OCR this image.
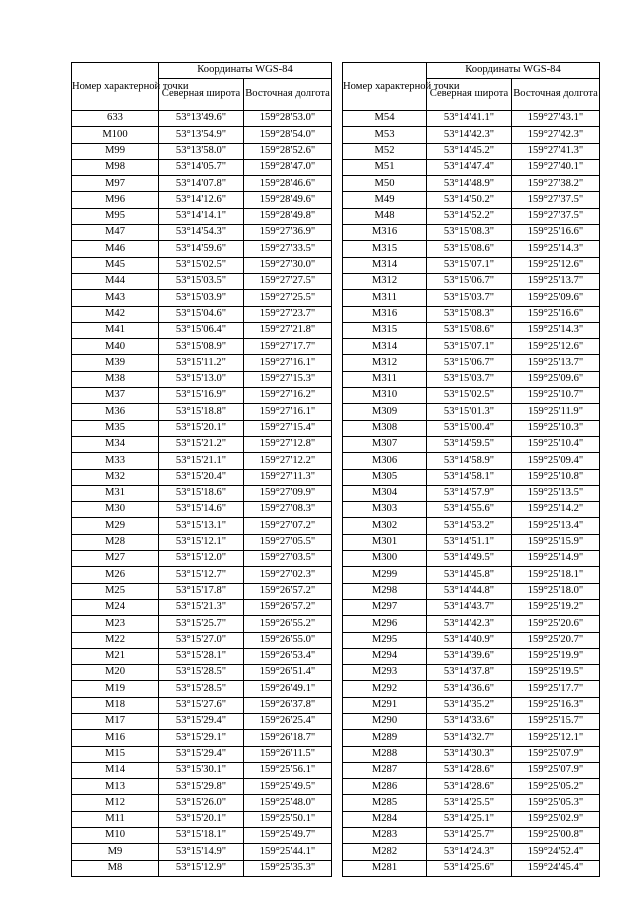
Номер характерной точки	Координаты WGS-84	
	Северная широта	Восточная долгота
633	53°13'49.6"	159°28'53.0"
M100	53°13'54.9"	159°28'54.0"
M99	53°13'58.0"	159°28'52.6"
M98	53°14'05.7"	159°28'47.0"
M97	53°14'07.8"	159°28'46.6"
M96	53°14'12.6"	159°28'49.6"
M95	53°14'14.1"	159°28'49.8"
M47	53°14'54.3"	159°27'36.9"
M46	53°14'59.6"	159°27'33.5"
M45	53°15'02.5"	159°27'30.0"
M44	53°15'03.5"	159°27'27.5"
M43	53°15'03.9"	159°27'25.5"
M42	53°15'04.6"	159°27'23.7"
M41	53°15'06.4"	159°27'21.8"
M40	53°15'08.9"	159°27'17.7"
M39	53°15'11.2"	159°27'16.1"
M38	53°15'13.0"	159°27'15.3"
M37	53°15'16.9"	159°27'16.2"
M36	53°15'18.8"	159°27'16.1"
M35	53°15'20.1"	159°27'15.4"
M34	53°15'21.2"	159°27'12.8"
M33	53°15'21.1"	159°27'12.2"
M32	53°15'20.4"	159°27'11.3"
M31	53°15'18.6"	159°27'09.9"
M30	53°15'14.6"	159°27'08.3"
M29	53°15'13.1"	159°27'07.2"
M28	53°15'12.1"	159°27'05.5"
M27	53°15'12.0"	159°27'03.5"
M26	53°15'12.7"	159°27'02.3"
M25	53°15'17.8"	159°26'57.2"
M24	53°15'21.3"	159°26'57.2"
M23	53°15'25.7"	159°26'55.2"
M22	53°15'27.0"	159°26'55.0"
M21	53°15'28.1"	159°26'53.4"
M20	53°15'28.5"	159°26'51.4"
M19	53°15'28.5"	159°26'49.1"
M18	53°15'27.6"	159°26'37.8"
M17	53°15'29.4"	159°26'25.4"
M16	53°15'29.1"	159°26'18.7"
M15	53°15'29.4"	159°26'11.5"
M14	53°15'30.1"	159°25'56.1"
M13	53°15'29.8"	159°25'49.5"
M12	53°15'26.0"	159°25'48.0"
M11	53°15'20.1"	159°25'50.1"
M10	53°15'18.1"	159°25'49.7"
M9	53°15'14.9"	159°25'44.1"
M8	53°15'12.9"	159°25'35.3"
Номер характерной точки	Координаты WGS-84	
	Северная широта	Восточная долгота
M54	53°14'41.1"	159°27'43.1"
M53	53°14'42.3"	159°27'42.3"
M52	53°14'45.2"	159°27'41.3"
M51	53°14'47.4"	159°27'40.1"
M50	53°14'48.9"	159°27'38.2"
M49	53°14'50.2"	159°27'37.5"
M48	53°14'52.2"	159°27'37.5"
M316	53°15'08.3"	159°25'16.6"
M315	53°15'08.6"	159°25'14.3"
M314	53°15'07.1"	159°25'12.6"
M312	53°15'06.7"	159°25'13.7"
M311	53°15'03.7"	159°25'09.6"
M316	53°15'08.3"	159°25'16.6"
M315	53°15'08.6"	159°25'14.3"
M314	53°15'07.1"	159°25'12.6"
M312	53°15'06.7"	159°25'13.7"
M311	53°15'03.7"	159°25'09.6"
M310	53°15'02.5"	159°25'10.7"
M309	53°15'01.3"	159°25'11.9"
M308	53°15'00.4"	159°25'10.3"
M307	53°14'59.5"	159°25'10.4"
M306	53°14'58.9"	159°25'09.4"
M305	53°14'58.1"	159°25'10.8"
M304	53°14'57.9"	159°25'13.5"
M303	53°14'55.6"	159°25'14.2"
M302	53°14'53.2"	159°25'13.4"
M301	53°14'51.1"	159°25'15.9"
M300	53°14'49.5"	159°25'14.9"
M299	53°14'45.8"	159°25'18.1"
M298	53°14'44.8"	159°25'18.0"
M297	53°14'43.7"	159°25'19.2"
M296	53°14'42.3"	159°25'20.6"
M295	53°14'40.9"	159°25'20.7"
M294	53°14'39.6"	159°25'19.9"
M293	53°14'37.8"	159°25'19.5"
M292	53°14'36.6"	159°25'17.7"
M291	53°14'35.2"	159°25'16.3"
M290	53°14'33.6"	159°25'15.7"
M289	53°14'32.7"	159°25'12.1"
M288	53°14'30.3"	159°25'07.9"
M287	53°14'28.6"	159°25'07.9"
M286	53°14'28.6"	159°25'05.2"
M285	53°14'25.5"	159°25'05.3"
M284	53°14'25.1"	159°25'02.9"
M283	53°14'25.7"	159°25'00.8"
M282	53°14'24.3"	159°24'52.4"
M281	53°14'25.6"	159°24'45.4"
